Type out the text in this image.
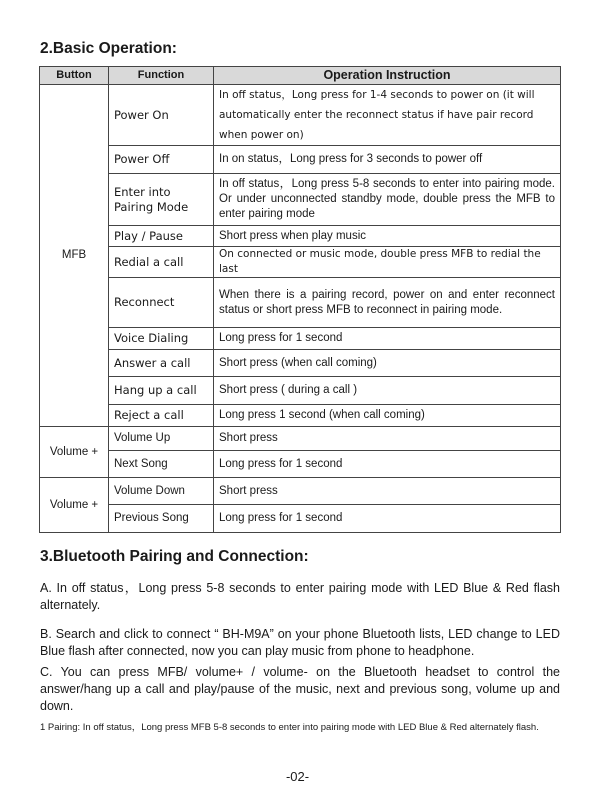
2.Basic Operation:
Button	Function	Operation Instruction
MFB	Power On	In off status，Long press for 1-4 seconds to power on (it will automatically enter the reconnect status if have pair record when power on)
	Power Off	In on status，Long press for 3 seconds to power off
	Enter into Pairing Mode	In off status，Long press 5-8 seconds to enter into pairing mode. Or under unconnected standby mode, double press the MFB to enter pairing mode
	Play / Pause	Short press when play music
	Redial a call	On connected or music mode, double press MFB to redial the last
	Reconnect	When there is a pairing record, power on and enter reconnect status or short press MFB to reconnect in pairing mode.
	Voice Dialing	Long press for 1 second
	Answer a call	Short press (when call coming)
	Hang up a call	Short press ( during a call )
	Reject a call	Long press 1 second (when call coming)
Volume +	Volume Up	Short press
	Next Song	Long press for 1 second
Volume +	Volume Down	Short press
	Previous Song	Long press for 1 second
3.Bluetooth Pairing and Connection:

A. In off status，Long press 5-8 seconds to enter pairing mode with LED Blue & Red flash alternately.

B. Search and click to connect “ BH-M9A” on your phone Bluetooth lists, LED change to LED Blue flash after connected, now you can play music from phone to headphone.

C. You can press MFB/ volume+ / volume- on the Bluetooth headset to control the answer/hang up a call and play/pause of the music, next and previous song, volume up and down.

1 Pairing: In off status，Long press MFB 5-8 seconds to enter into pairing mode with LED Blue & Red alternately flash.

-02-
